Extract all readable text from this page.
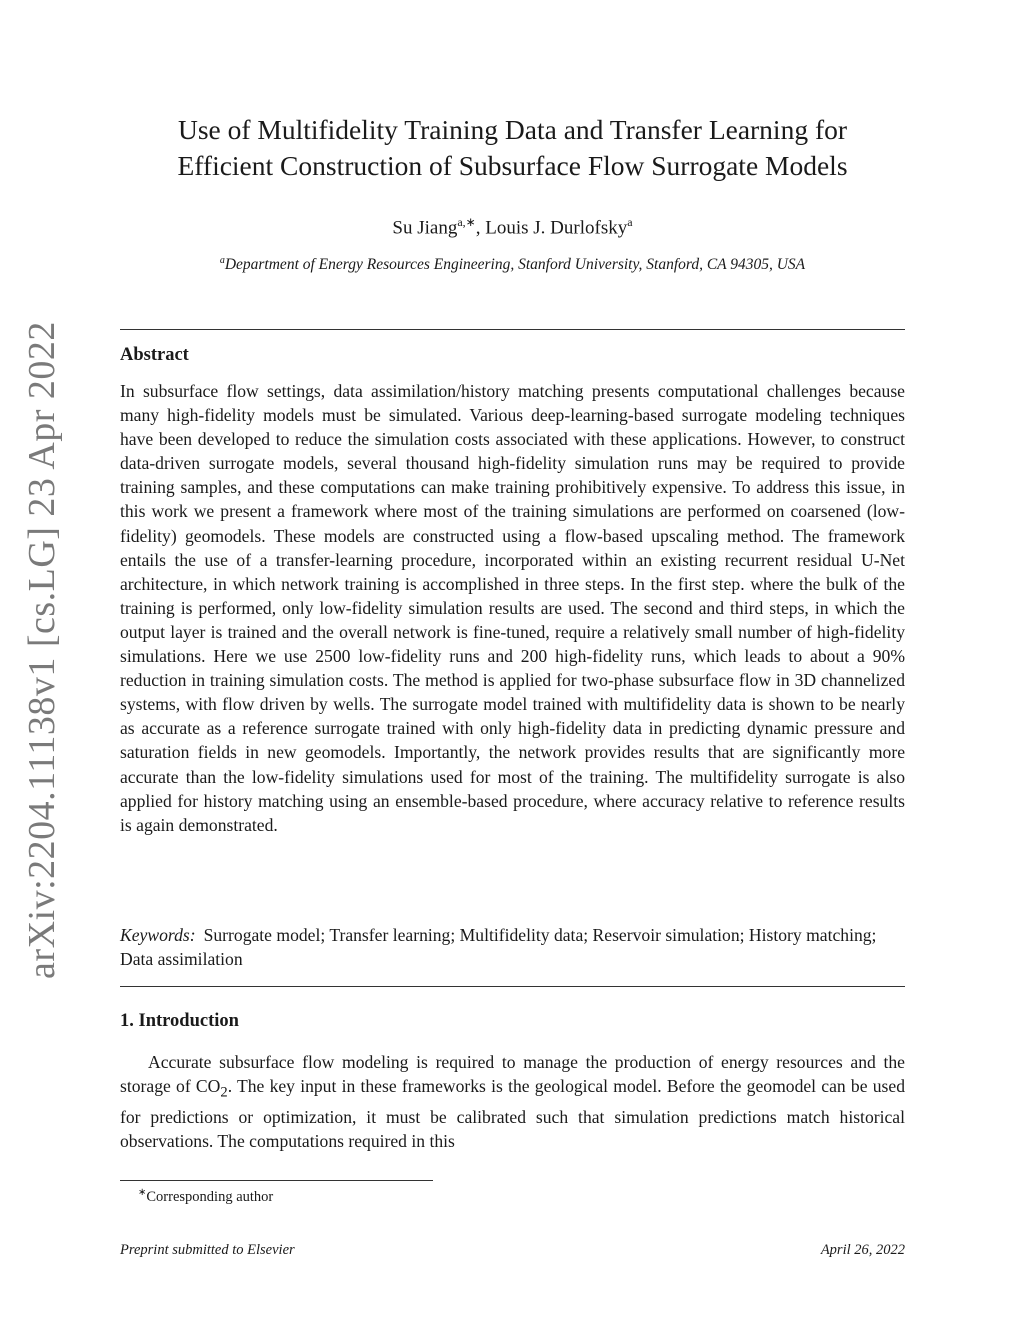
arXiv:2204.11138v1 [cs.LG] 23 Apr 2022
Use of Multifidelity Training Data and Transfer Learning for
Efficient Construction of Subsurface Flow Surrogate Models
Su Jiang$^{a,∗}$, Louis J. Durlofsky$^a$
$^a$Department of Energy Resources Engineering, Stanford University, Stanford, CA 94305, USA
Abstract
In subsurface flow settings, data assimilation/history matching presents computational challenges because many high-fidelity models must be simulated. Various deep-learning-based surrogate modeling techniques have been developed to reduce the simulation costs associated with these applications. However, to construct data-driven surrogate models, several thousand high-fidelity simulation runs may be required to provide training samples, and these computations can make training prohibitively expensive. To address this issue, in this work we present a framework where most of the training simulations are performed on coarsened (low-fidelity) geomodels. These models are constructed using a flow-based upscaling method. The framework entails the use of a transfer-learning procedure, incorporated within an existing recurrent residual U-Net architecture, in which network training is accomplished in three steps. In the first step. where the bulk of the training is performed, only low-fidelity simulation results are used. The second and third steps, in which the output layer is trained and the overall network is fine-tuned, require a relatively small number of high-fidelity simulations. Here we use 2500 low-fidelity runs and 200 high-fidelity runs, which leads to about a 90% reduction in training simulation costs. The method is applied for two-phase subsurface flow in 3D channelized systems, with flow driven by wells. The surrogate model trained with multifidelity data is shown to be nearly as accurate as a reference surrogate trained with only high-fidelity data in predicting dynamic pressure and saturation fields in new geomodels. Importantly, the network provides results that are significantly more accurate than the low-fidelity simulations used for most of the training. The multifidelity surrogate is also applied for history matching using an ensemble-based procedure, where accuracy relative to reference results is again demonstrated.
Keywords: Surrogate model; Transfer learning; Multifidelity data; Reservoir simulation; History matching; Data assimilation
1. Introduction
Accurate subsurface flow modeling is required to manage the production of energy resources and the storage of $CO_2$. The key input in these frameworks is the geological model. Before the geomodel can be used for predictions or optimization, it must be calibrated such that simulation predictions match historical observations. The computations required in this
∗Corresponding author
Preprint submitted to Elsevier	April 26, 2022
